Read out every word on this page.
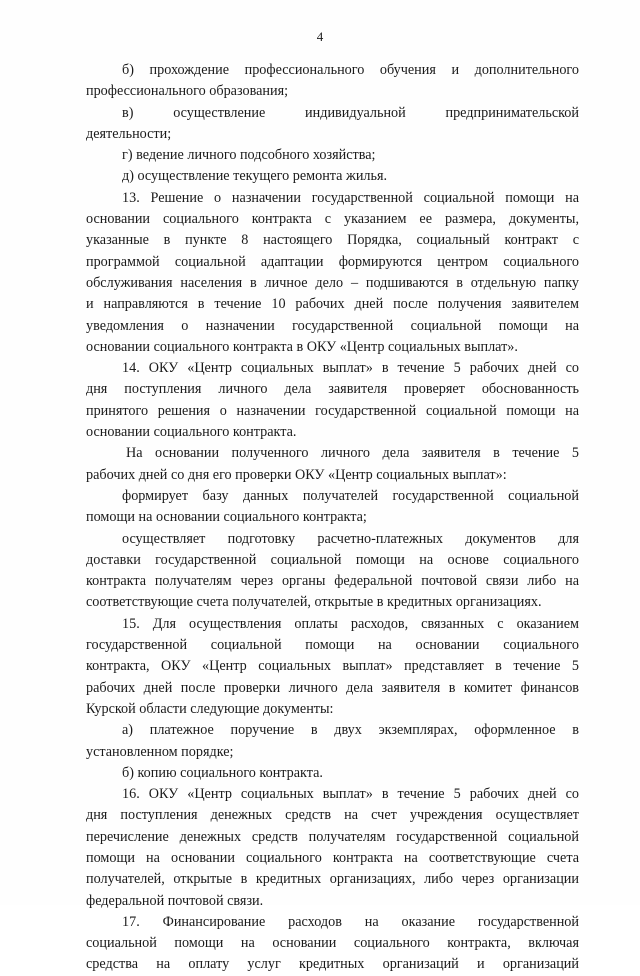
4
б) прохождение профессионального обучения и дополнительного
профессионального образования;
в) осуществление индивидуальной предпринимательской
деятельности;
г) ведение личного подсобного хозяйства;
д) осуществление текущего ремонта жилья.
13. Решение о назначении государственной социальной помощи на
основании социального контракта с указанием ее размера, документы,
указанные в пункте 8 настоящего Порядка, социальный контракт с
программой социальной адаптации формируются центром социального
обслуживания населения в личное дело – подшиваются в отдельную папку
и направляются в течение 10 рабочих дней после получения заявителем
уведомления о назначении государственной социальной помощи на
основании социального контракта в ОКУ «Центр социальных выплат».
14. ОКУ «Центр социальных выплат» в течение 5 рабочих дней со
дня поступления личного дела заявителя проверяет обоснованность
принятого решения о назначении государственной социальной помощи на
основании социального контракта.
На основании полученного личного дела заявителя в течение 5
рабочих дней со дня его проверки ОКУ «Центр социальных выплат»:
формирует базу данных получателей государственной социальной
помощи на основании социального контракта;
осуществляет подготовку расчетно-платежных документов для
доставки государственной социальной помощи на основе социального
контракта получателям через органы федеральной почтовой связи либо на
соответствующие счета получателей, открытые в кредитных организациях.
15. Для осуществления оплаты расходов, связанных с оказанием
государственной социальной помощи на основании социального
контракта, ОКУ «Центр социальных выплат» представляет в течение 5
рабочих дней после проверки личного дела заявителя в комитет финансов
Курской области следующие документы:
а) платежное поручение в двух экземплярах, оформленное в
установленном порядке;
б) копию социального контракта.
16. ОКУ «Центр социальных выплат» в течение 5 рабочих дней со
дня поступления денежных средств на счет учреждения осуществляет
перечисление денежных средств получателям государственной социальной
помощи на основании социального контракта на соответствующие счета
получателей, открытые в кредитных организациях, либо через организации
федеральной почтовой связи.
17. Финансирование расходов на оказание государственной
социальной помощи на основании социального контракта, включая
средства на оплату услуг кредитных организаций и организаций
